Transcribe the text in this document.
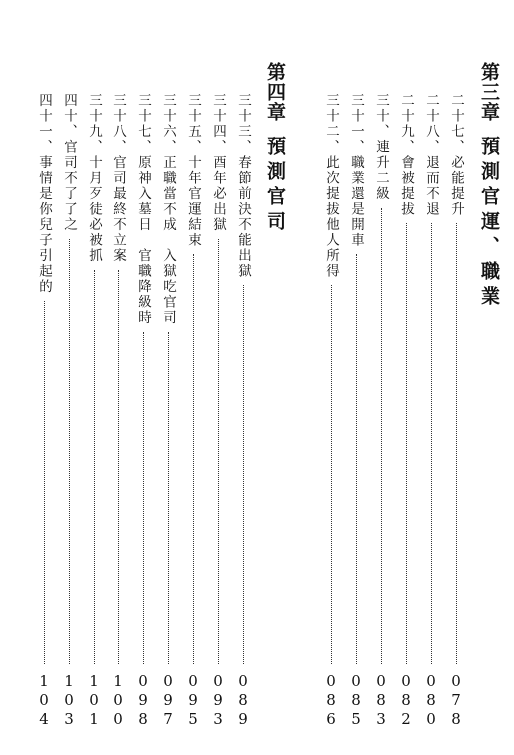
第三章預測官運、職業
二十七、必能提升
078
二十八、退而不退
080
二十九、會被提拔
082
三十、連升二級
083
三十一、職業還是開車
085
三十二、此次提拔他人所得
086
第四章預測官司
三十三、春節前決不能出獄
089
三十四、酉年必出獄
093
三十五、十年官運結束
095
三十六、正職當不成　入獄吃官司
097
三十七、原神入墓日　官職降級時
098
三十八、官司最終不立案
100
三十九、十月歹徒必被抓
101
四十、官司不了了之
103
四十一、事情是你兒子引起的
104
